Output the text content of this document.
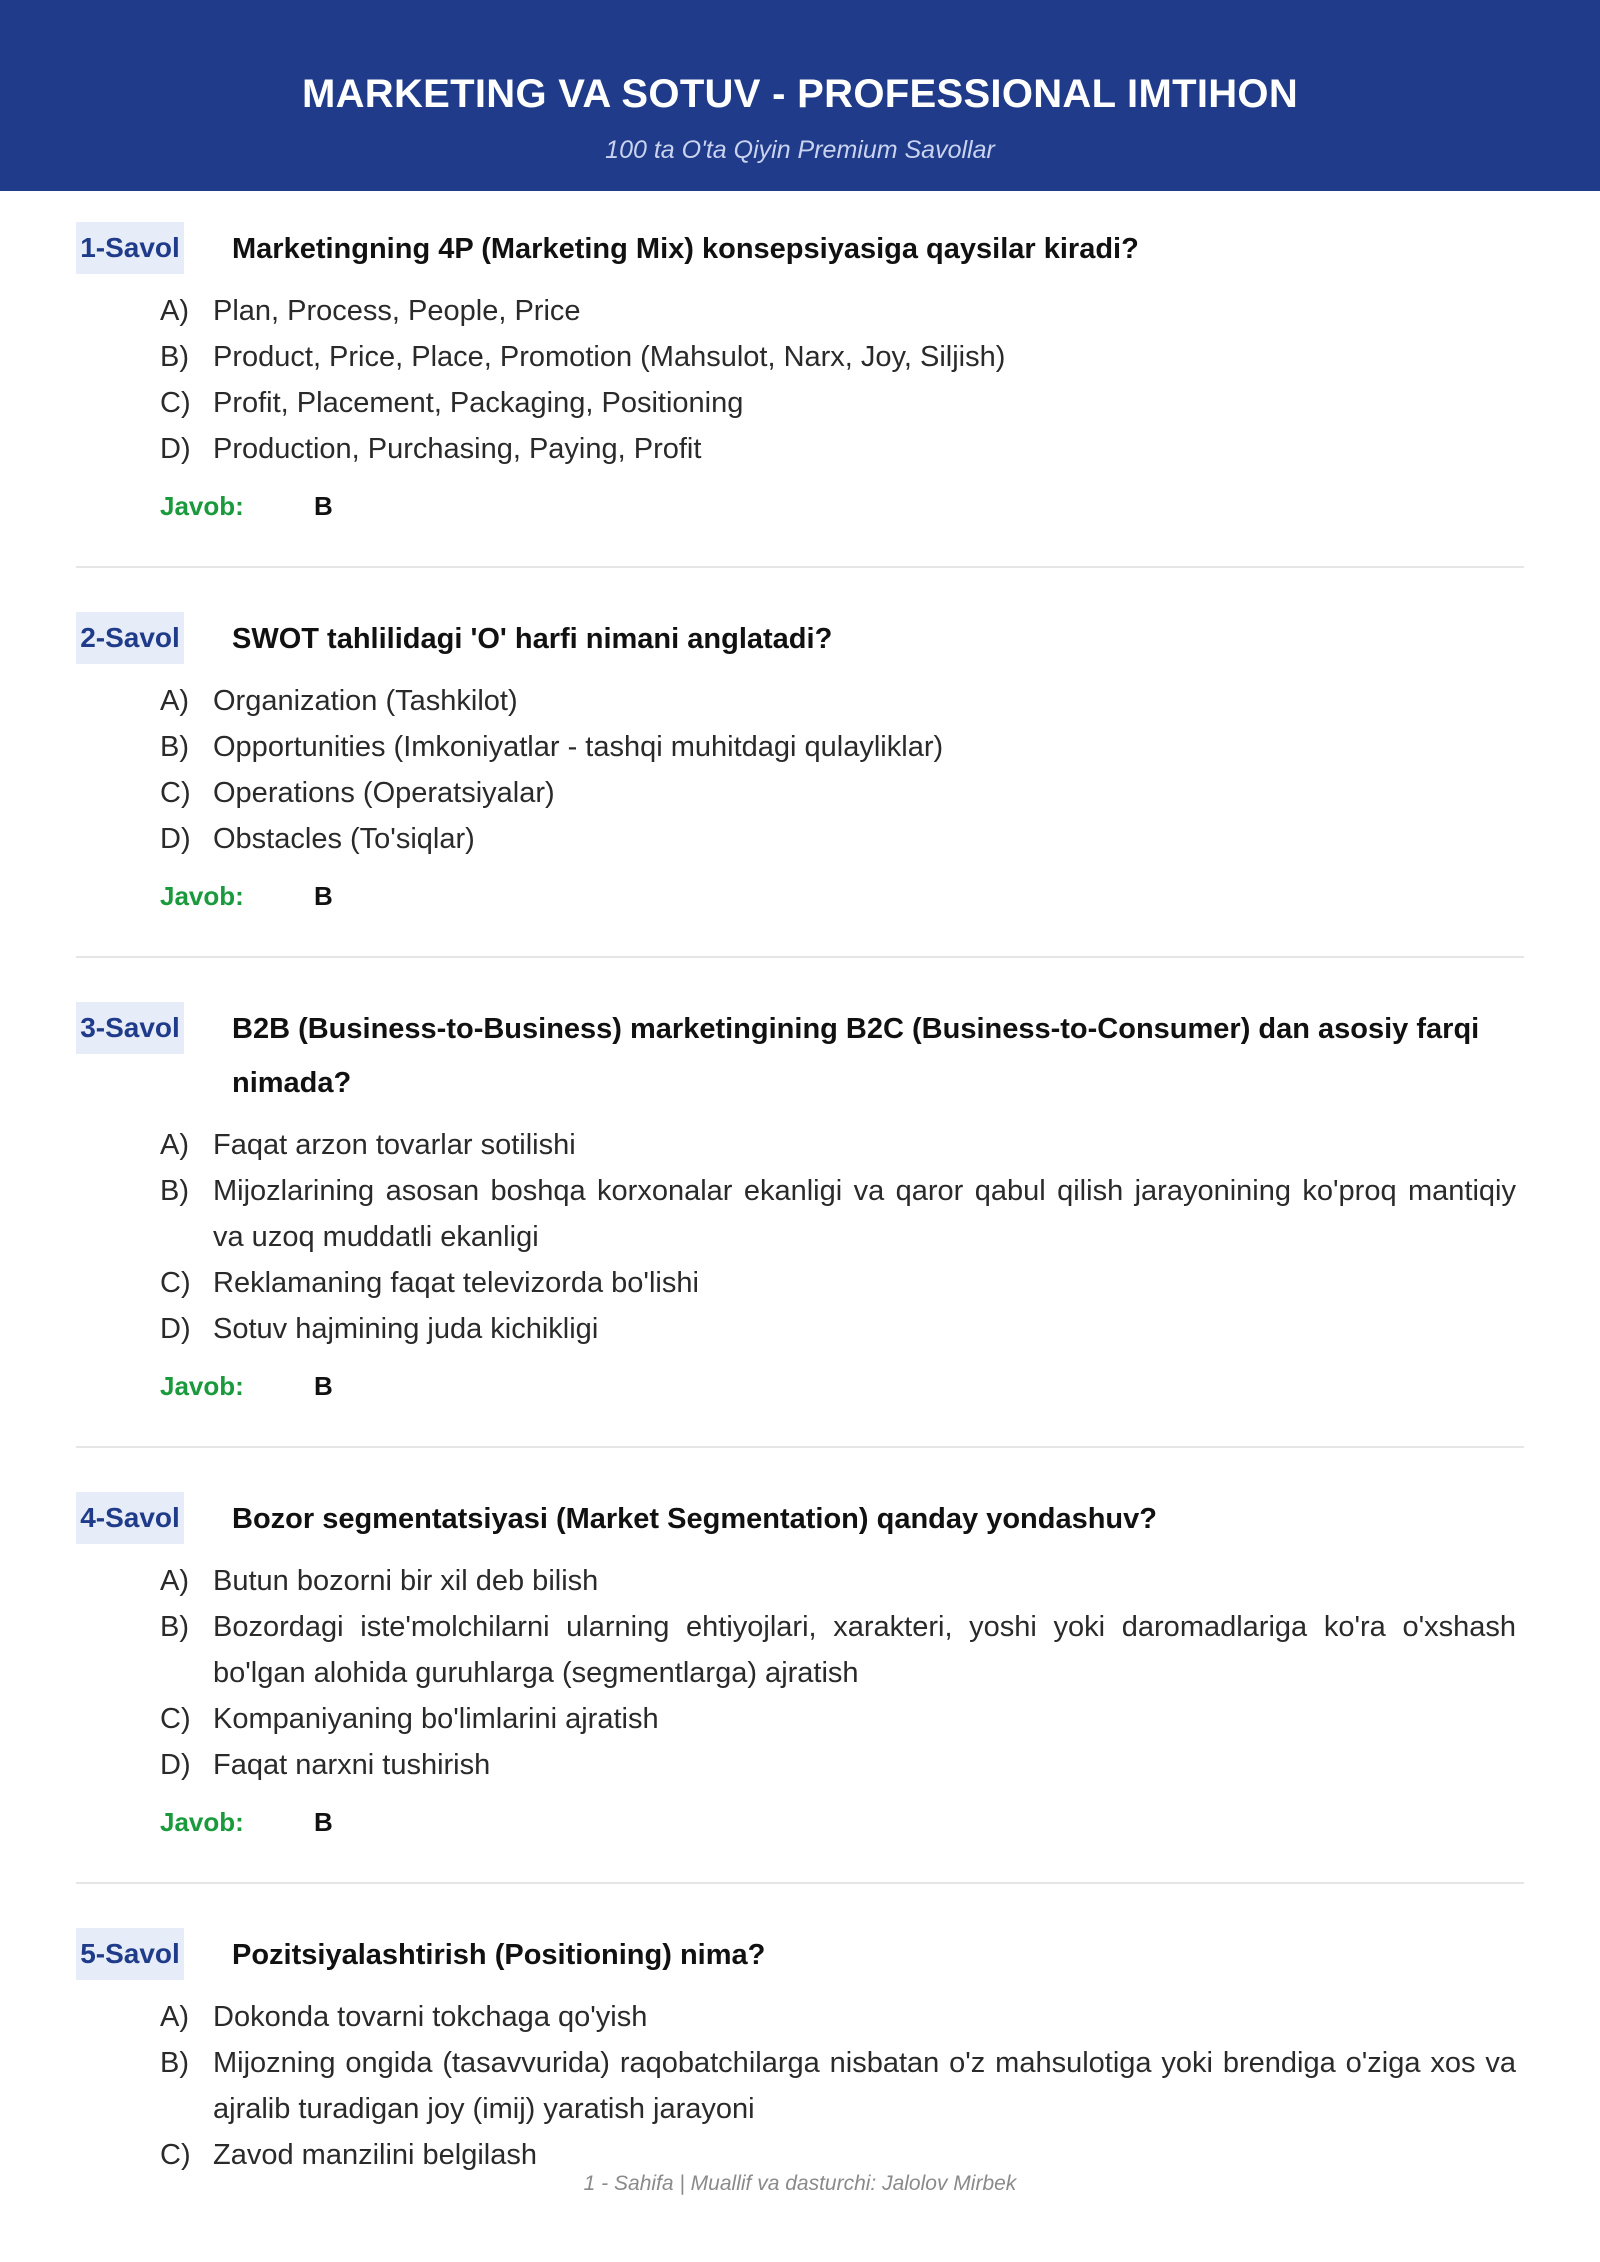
MARKETING VA SOTUV - PROFESSIONAL IMTIHON
100 ta O'ta Qiyin Premium Savollar
1-Savol Marketingning 4P (Marketing Mix) konsepsiyasiga qaysilar kiradi?
A) Plan, Process, People, Price
B) Product, Price, Place, Promotion (Mahsulot, Narx, Joy, Siljish)
C) Profit, Placement, Packaging, Positioning
D) Production, Purchasing, Paying, Profit
Javob:	B
2-Savol SWOT tahlilidagi 'O' harfi nimani anglatadi?
A) Organization (Tashkilot)
B) Opportunities (Imkoniyatlar - tashqi muhitdagi qulayliklar)
C) Operations (Operatsiyalar)
D) Obstacles (To'siqlar)
Javob:	B
3-Savol B2B (Business-to-Business) marketingining B2C (Business-to-Consumer) dan asosiy farqi nimada?
A) Faqat arzon tovarlar sotilishi
B) Mijozlarining asosan boshqa korxonalar ekanligi va qaror qabul qilish jarayonining ko'proq mantiqiy va uzoq muddatli ekanligi
C) Reklamaning faqat televizorda bo'lishi
D) Sotuv hajmining juda kichikligi
Javob:	B
4-Savol Bozor segmentatsiyasi (Market Segmentation) qanday yondashuv?
A) Butun bozorni bir xil deb bilish
B) Bozordagi iste'molchilarni ularning ehtiyojlari, xarakteri, yoshi yoki daromadlariga ko'ra o'xshash bo'lgan alohida guruhlarga (segmentlarga) ajratish
C) Kompaniyaning bo'limlarini ajratish
D) Faqat narxni tushirish
Javob:	B
5-Savol Pozitsiyalashtirish (Positioning) nima?
A) Dokonda tovarni tokchaga qo'yish
B) Mijozning ongida (tasavvurida) raqobatchilarga nisbatan o'z mahsulotiga yoki brendiga o'ziga xos va ajralib turadigan joy (imij) yaratish jarayoni
C) Zavod manzilini belgilash
1 - Sahifa | Muallif va dasturchi: Jalolov Mirbek
